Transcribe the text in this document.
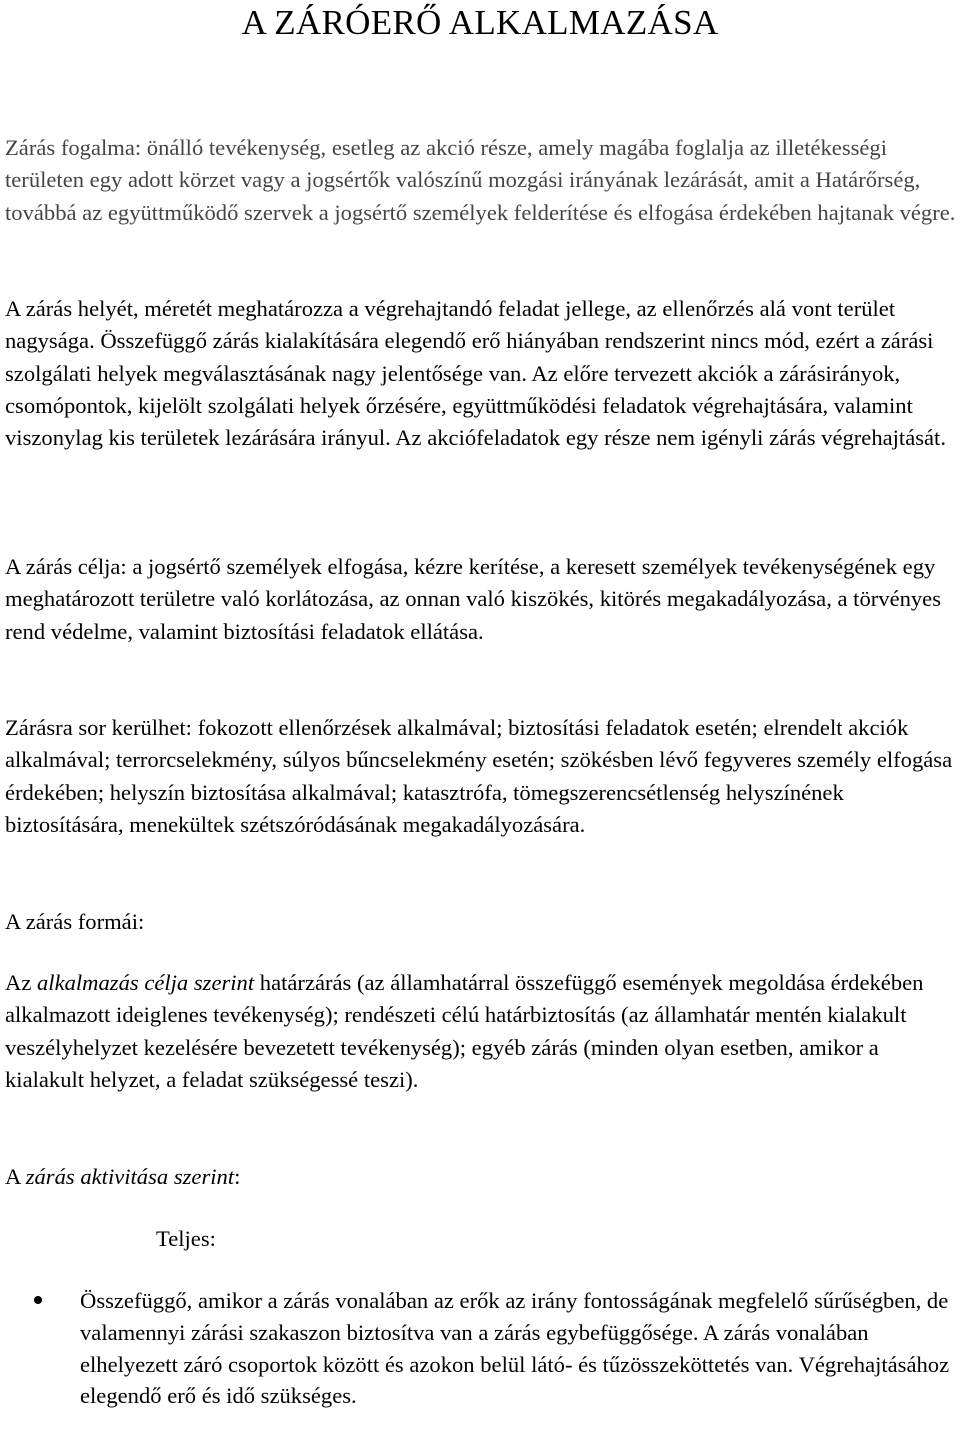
A ZÁRÓERŐ ALKALMAZÁSA

Zárás fogalma: önálló tevékenység, esetleg az akció része, amely magába foglalja az illetékességi területen egy adott körzet vagy a jogsértők valószínű mozgási irányának lezárását, amit a Határőrség, továbbá az együttműködő szervek a jogsértő személyek felderítése és elfogása érdekében hajtanak végre.

A zárás helyét, méretét meghatározza a végrehajtandó feladat jellege, az ellenőrzés alá vont terület nagysága. Összefüggő zárás kialakítására elegendő erő hiányában rendszerint nincs mód, ezért a zárási szolgálati helyek megválasztásának nagy jelentősége van. Az előre tervezett akciók a zárásirányok, csomópontok, kijelölt szolgálati helyek őrzésére, együttműködési feladatok végrehajtására, valamint viszonylag kis területek lezárására irányul. Az akciófeladatok egy része nem igényli zárás végrehajtását.

A zárás célja: a jogsértő személyek elfogása, kézre kerítése, a keresett személyek tevékenységének egy meghatározott területre való korlátozása, az onnan való kiszökés, kitörés megakadályozása, a törvényes rend védelme, valamint biztosítási feladatok ellátása.

Zárásra sor kerülhet: fokozott ellenőrzések alkalmával; biztosítási feladatok esetén; elrendelt akciók alkalmával; terrorcselekmény, súlyos bűncselekmény esetén; szökésben lévő fegyveres személy elfogása érdekében; helyszín biztosítása alkalmával; katasztrófa, tömegszerencsétlenség helyszínének biztosítására, menekültek szétszóródásának megakadályozására.

A zárás formái:

Az alkalmazás célja szerint határzárás (az államhatárral összefüggő események megoldása érdekében alkalmazott ideiglenes tevékenység); rendészeti célú határbiztosítás (az államhatár mentén kialakult veszélyhelyzet kezelésére bevezetett tevékenység); egyéb zárás (minden olyan esetben, amikor a kialakult helyzet, a feladat szükségessé teszi).

A zárás aktivitása szerint:

Teljes:

Összefüggő, amikor a zárás vonalában az erők az irány fontosságának megfelelő sűrűségben, de valamennyi zárási szakaszon biztosítva van a zárás egybefüggősége. A zárás vonalában elhelyezett záró csoportok között és azokon belül látó- és tűzösszeköttetés van. Végrehajtásához elegendő erő és idő szükséges.
